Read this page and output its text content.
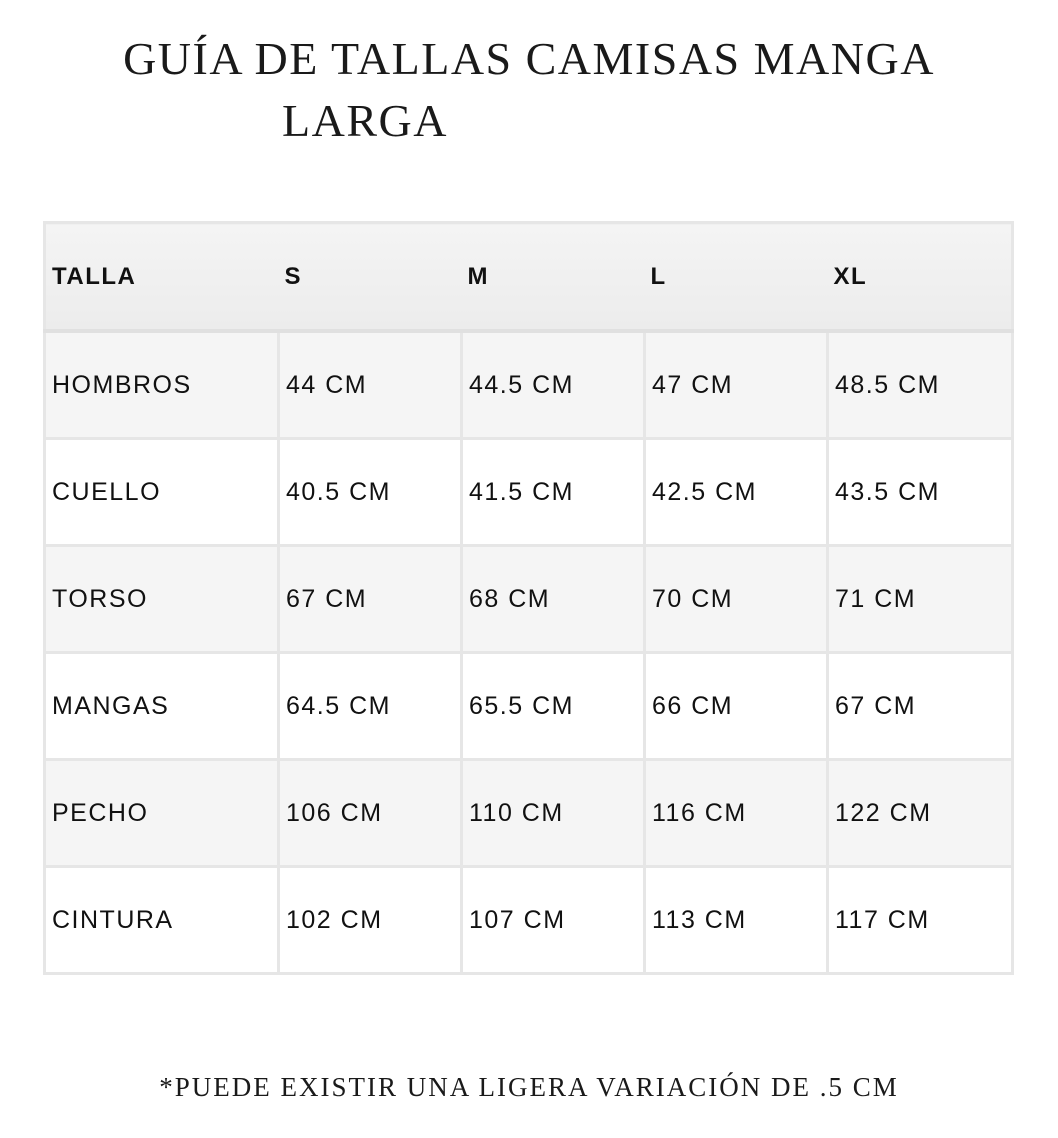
GUÍA DE TALLAS CAMISAS MANGA
LARGA
TALLA	S	M	L	XL
HOMBROS	44 CM	44.5 CM	47 CM	48.5 CM
CUELLO	40.5 CM	41.5 CM	42.5 CM	43.5 CM
TORSO	67 CM	68 CM	70 CM	71 CM
MANGAS	64.5 CM	65.5 CM	66 CM	67 CM
PECHO	106 CM	110 CM	116 CM	122 CM
CINTURA	102 CM	107 CM	113 CM	117 CM

*PUEDE EXISTIR UNA LIGERA VARIACIÓN DE .5 CM
